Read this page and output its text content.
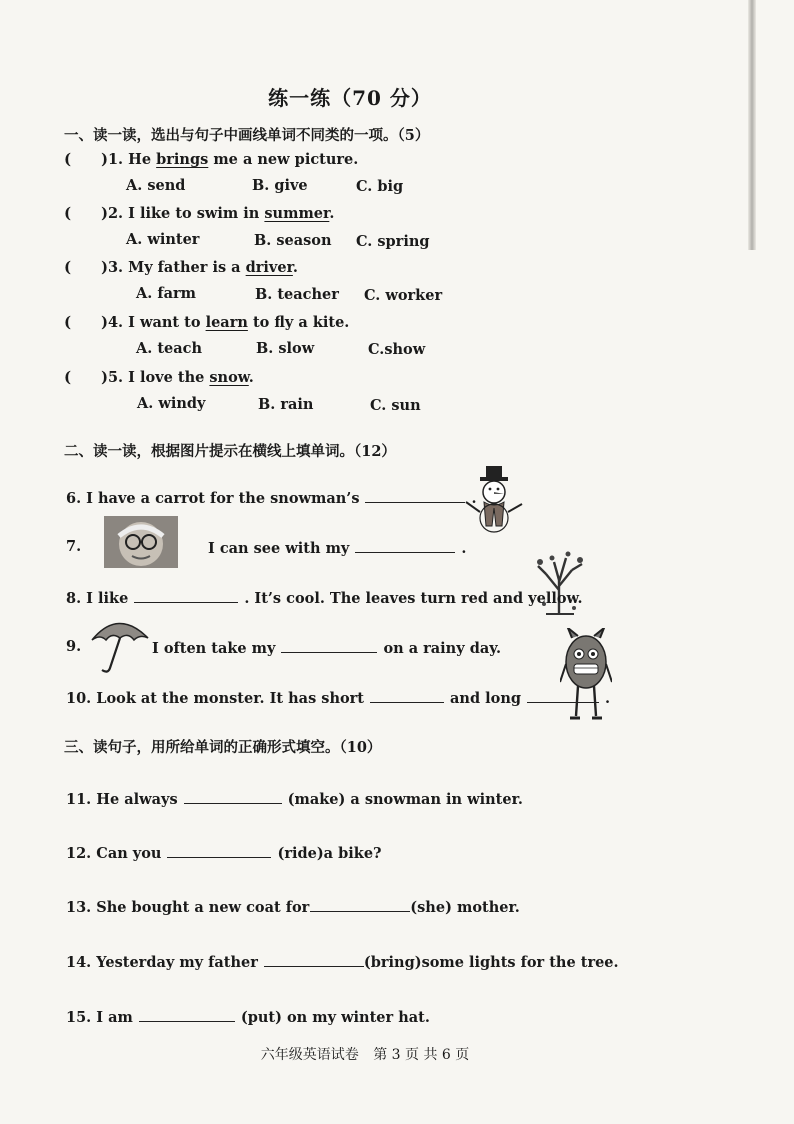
练一练（70 分）
一、读一读，选出与句子中画线单词不同类的一项。（5）
( )1. He brings me a new picture.
A. send	B. give	C. big
( )2. I like to swim in summer.
A. winter	B. season C. spring
( )3. My father is a driver.
A. farm	B. teacher C. worker
( )4. I want to learn to fly a kite.
A. teach	B. slow	C.show
( )5. I love the snow.
A. windy	B. rain	C. sun
二、读一读，根据图片提示在横线上填单词。（12）
6. I have a carrot for the snowman’s	.
7.	I can see with my	.
8. I like	. It’s cool. The leaves turn red and yellow.
9.	I often take my	on a rainy day.
10. Look at the monster. It has short	and long	.
三、读句子，用所给单词的正确形式填空。（10）
11. He always	(make) a snowman in winter.
12. Can you	(ride)a bike?
13. She bought a new coat for	(she) mother.
14. Yesterday my father	(bring)some lights for the tree.
15. I am	(put) on my winter hat.
六年级英语试卷 第 3 页 共 6 页
